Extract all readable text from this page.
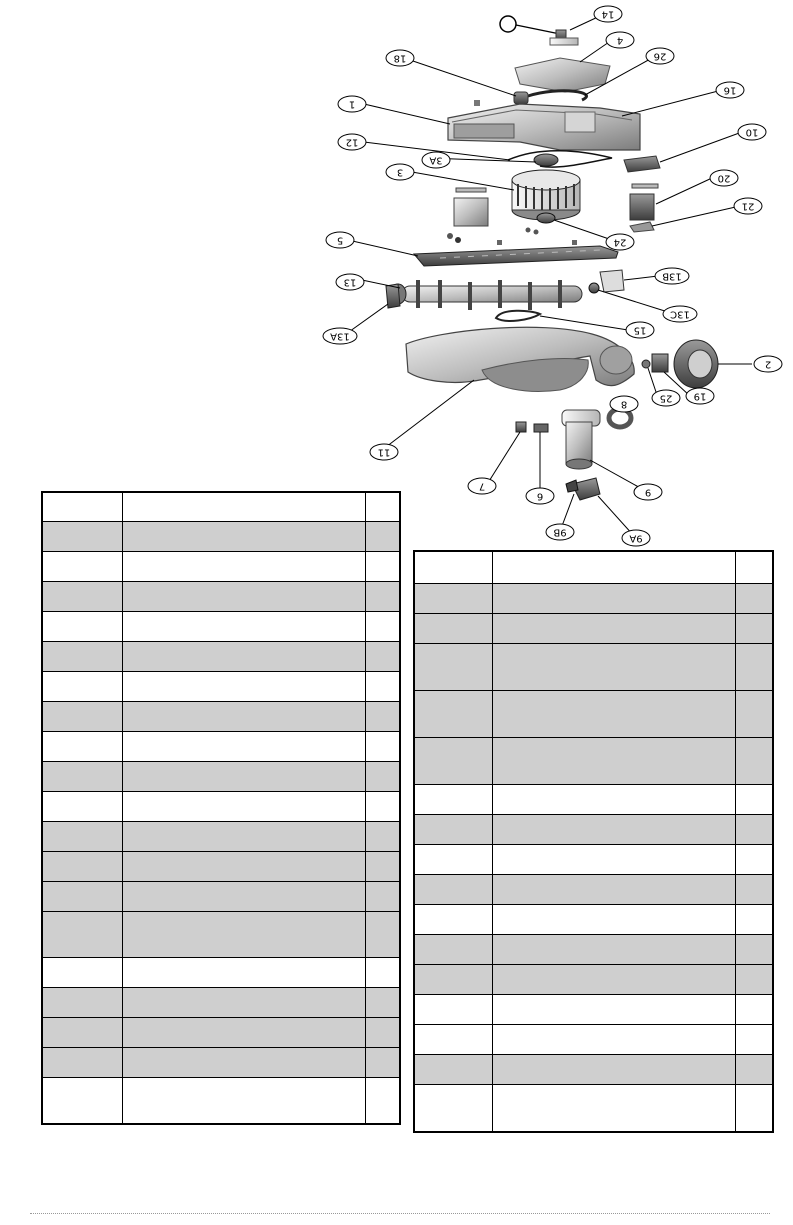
14
4
26
18
16
1
10
12
3A
3
20
21
24
5
13
13B
13C
13A
15
2
19
25
11
8
7
6	9
9B
9A
